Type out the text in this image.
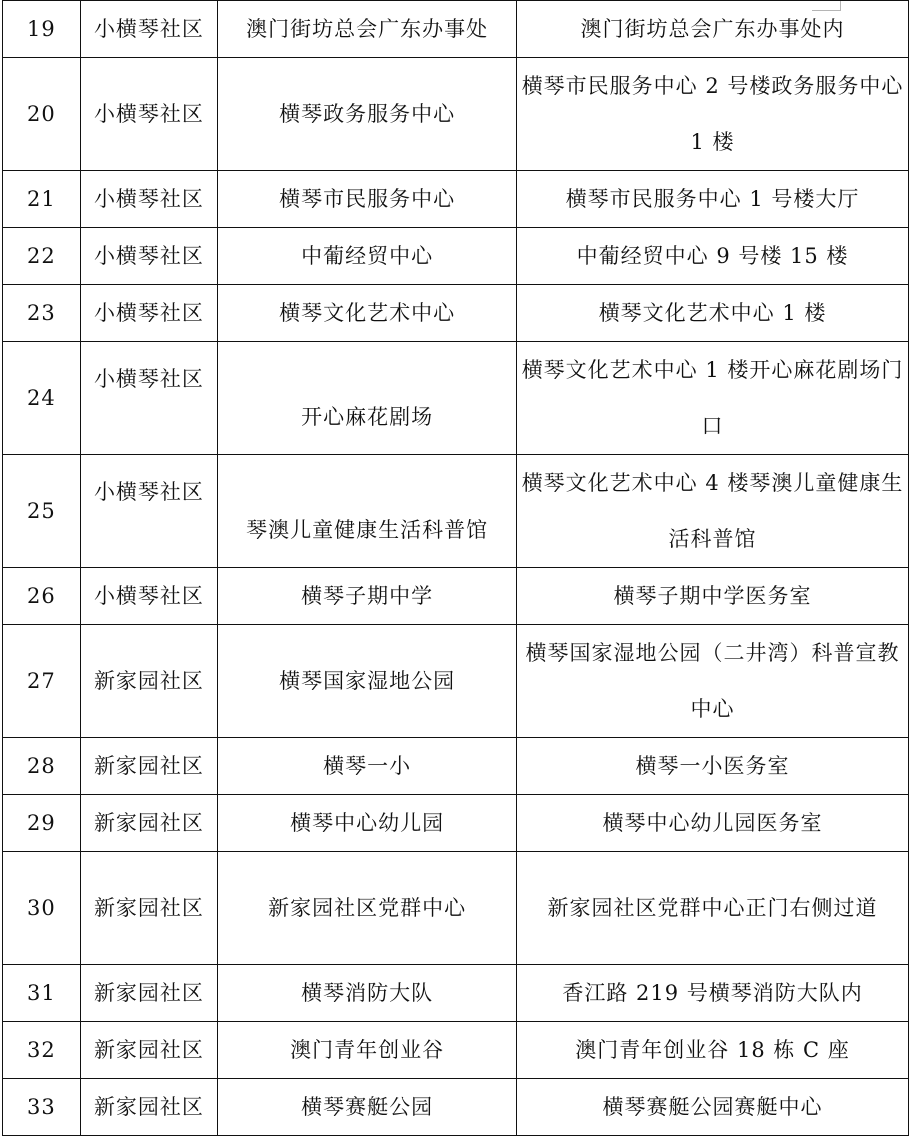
19	小横琴社区	澳门街坊总会广东办事处	澳门街坊总会广东办事处内
20	小横琴社区	横琴政务服务中心	横琴市民服务中心 2 号楼政务服务中心 1 楼

21	小横琴社区	横琴市民服务中心	横琴市民服务中心 1 号楼大厅
22	小横琴社区	中葡经贸中心	中葡经贸中心 9 号楼 15 楼
23	小横琴社区	横琴文化艺术中心	横琴文化艺术中心 1 楼
24	小横琴社区	开心麻花剧场	横琴文化艺术中心 1 楼开心麻花剧场门口

25	小横琴社区	琴澳儿童健康生活科普馆	横琴文化艺术中心 4 楼琴澳儿童健康生活科普馆

26	小横琴社区	横琴子期中学	横琴子期中学医务室
27	新家园社区	横琴国家湿地公园	横琴国家湿地公园（二井湾）科普宣教中心

28	新家园社区	横琴一小	横琴一小医务室
29	新家园社区	横琴中心幼儿园	横琴中心幼儿园医务室
30	新家园社区	新家园社区党群中心	新家园社区党群中心正门右侧过道

31	新家园社区	横琴消防大队	香江路 219 号横琴消防大队内
32	新家园社区	澳门青年创业谷	澳门青年创业谷 18 栋 C 座
33	新家园社区	横琴赛艇公园	横琴赛艇公园赛艇中心
